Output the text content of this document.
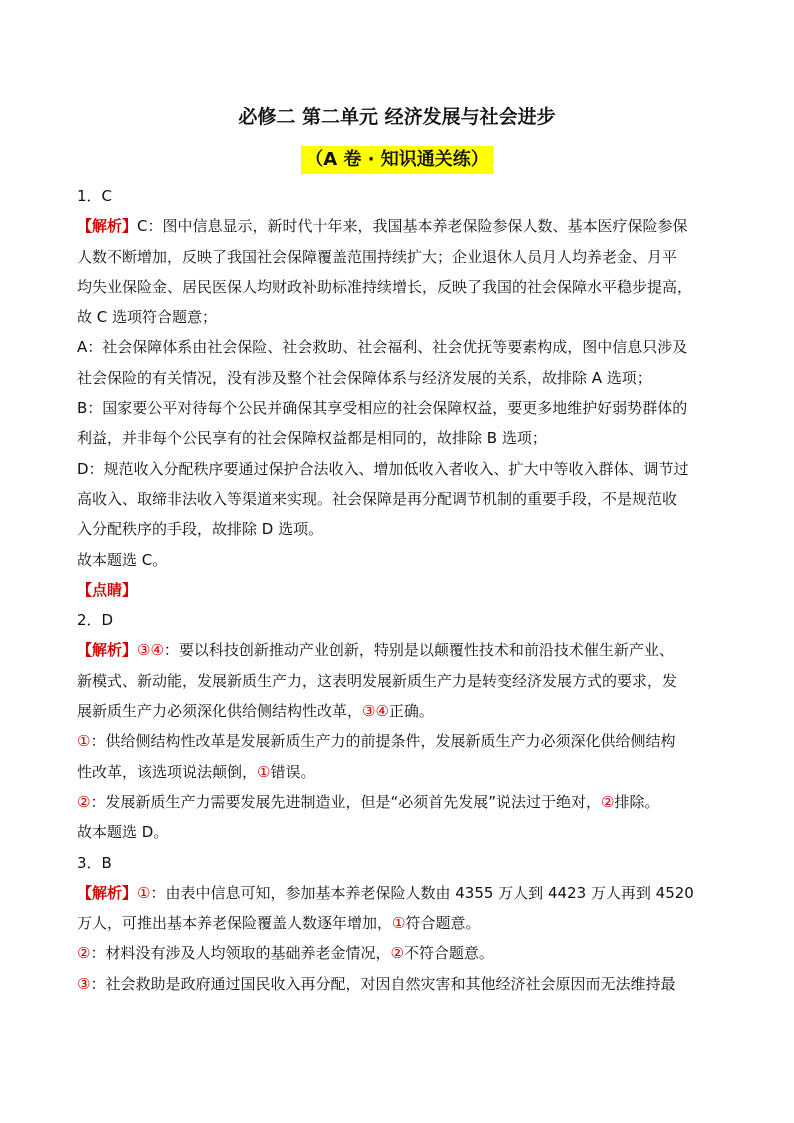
必修二 第二单元 经济发展与社会进步
（A 卷 · 知识通关练）
1．C
【解析】C：图中信息显示，新时代十年来，我国基本养老保险参保人数、基本医疗保险参保
人数不断增加，反映了我国社会保障覆盖范围持续扩大；企业退休人员月人均养老金、月平
均失业保险金、居民医保人均财政补助标准持续增长，反映了我国的社会保障水平稳步提高，
故 C 选项符合题意；
A：社会保障体系由社会保险、社会救助、社会福利、社会优抚等要素构成，图中信息只涉及
社会保险的有关情况，没有涉及整个社会保障体系与经济发展的关系，故排除 A 选项；
B：国家要公平对待每个公民并确保其享受相应的社会保障权益，要更多地维护好弱势群体的
利益，并非每个公民享有的社会保障权益都是相同的，故排除 B 选项；
D：规范收入分配秩序要通过保护合法收入、增加低收入者收入、扩大中等收入群体、调节过
高收入、取缔非法收入等渠道来实现。社会保障是再分配调节机制的重要手段，不是规范收
入分配秩序的手段，故排除 D 选项。
故本题选 C。
【点睛】
2．D
【解析】③④：要以科技创新推动产业创新，特别是以颠覆性技术和前沿技术催生新产业、
新模式、新动能，发展新质生产力，这表明发展新质生产力是转变经济发展方式的要求，发
展新质生产力必须深化供给侧结构性改革，③④正确。
①：供给侧结构性改革是发展新质生产力的前提条件，发展新质生产力必须深化供给侧结构
性改革，该选项说法颠倒，①错误。
②：发展新质生产力需要发展先进制造业，但是“必须首先发展”说法过于绝对，②排除。
故本题选 D。
3．B
【解析】①：由表中信息可知，参加基本养老保险人数由 4355 万人到 4423 万人再到 4520
万人，可推出基本养老保险覆盖人数逐年增加，①符合题意。
②：材料没有涉及人均领取的基础养老金情况，②不符合题意。
③：社会救助是政府通过国民收入再分配，对因自然灾害和其他经济社会原因而无法维持最
